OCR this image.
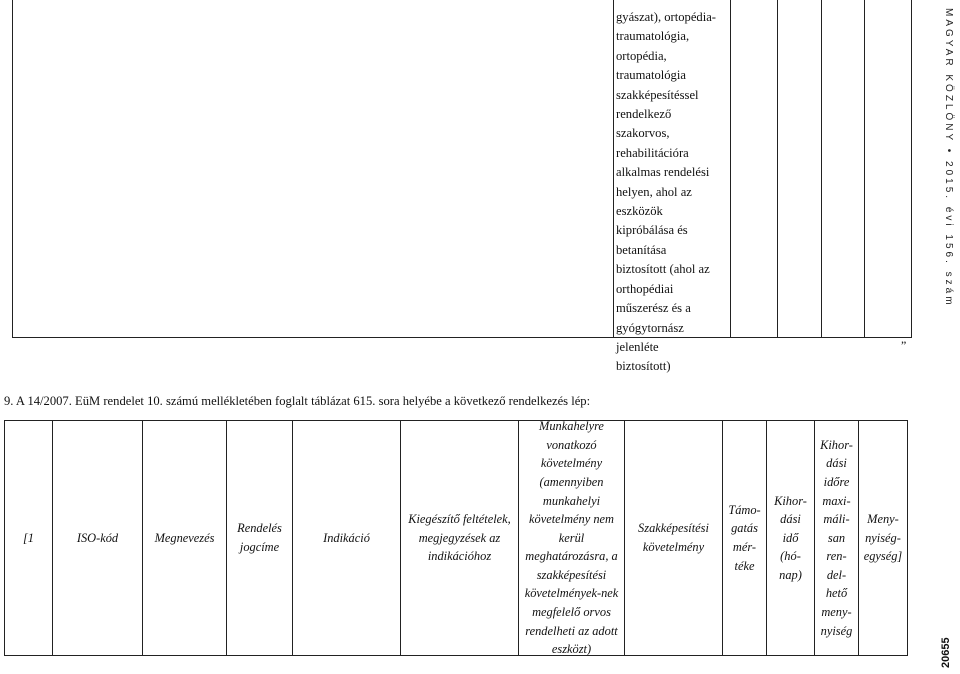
gyászat), ortopédia-
traumatológia,
ortopédia,
traumatológia
szakképesítéssel
rendelkező
szakorvos,
rehabilitációra
alkalmas rendelési
helyen, ahol az
eszközök
kipróbálása és
betanítása
biztosított (ahol az
orthopédiai
műszerész és a
gyógytornász
jelenléte
biztosított)
”
9. A 14/2007. EüM rendelet 10. számú mellékletében foglalt táblázat 615. sora helyébe a következő rendelkezés lép:
[1	ISO-kód	Megnevezés
Rendelés
jogcíme
Indikáció
Kiegészítő feltételek,
megjegyzések az
indikációhoz
Munkahelyre
vonatkozó
követelmény
(amennyiben
munkahelyi
követelmény nem
kerül
meghatározásra, a
szakképesítési
követelmények-nek
megfelelő orvos
rendelheti az adott
eszközt)
Szakképesítési
követelmény
Támo-
gatás
mér-
téke
Kihor-
dási
idő
(hó-
nap)
Kihor-
dási
időre
maxi-
máli-
san
ren-
del-
hető
meny-
nyiség
Meny-
nyiség-
egység]
MAGYAR KÖZLÖNY • 2015. évi 156. szám
20655
